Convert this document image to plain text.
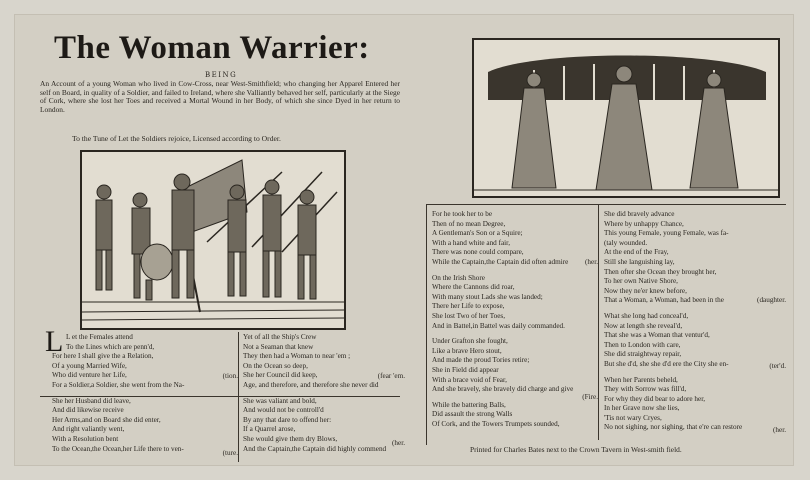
The Woman Warrier:

BEING

An Account of a young Woman who lived in Cow-Cross, near West-Smithfield; who changing her Apparel Entered her self on Board, in quality of a Soldier, and failed to Ireland, where she Valliantly behaved her self, particularly at the Siege of Cork, where she lost her Toes and received a Mortal Wound in her Body, of which she since Dyed in her return to London.

To the Tune of Let the Soldiers rejoice, Licensed according to Order.

L L et the Females attend
To the Lines which are penn'd,
For here I shall give the a Relation,
Of a young Married Wife,
Who did venture her Life,
For a Soldier,a Soldier, she went from the Na-
She her Husband did leave,
And did likewise receive
Her Arms,and on Board she did enter,
And right valiantly went,
With a Resolution bent
To the Ocean,the Ocean,her Life there to ven-
(tion.
(ture.
Yet of all the Ship's Crew
Not a Seaman that knew
They then had a Woman to near 'em ;
On the Ocean so deep,
She her Council did keep,
Age, and therefore, and therefore she never did
She was valiant and bold,
And would not be controll'd
By any that dare to offend her:
If a Quarrel arose,
She would give them dry Blows,
And the Captain,the Captain did highly commend
(fear 'em.
(her.
For he took her to be
Then of no mean Degree,
A Gentleman's Son or a Squire;
With a hand white and fair,
There was none could compare,
While the Captain,the Captain did often admire
On the Irish Shore
Where the Cannons did roar,
With many stout Lads she was landed;
There her Life to expose,
She lost Two of her Toes,
And in Battel,in Battel was daily commanded.
Under Grafton she fought,
Like a brave Hero stout,
And made the proud Tories retire;
She in Field did appear
With a brace void of Fear,
And she bravely, she bravely did charge and give
While the battering Balls,
Did assault the strong Walls
Of Cork, and the Towers Trumpets sounded,
(her.
(Fire.
She did bravely advance
Where by unhappy Chance,
This young Female, young Female, was fa-
(taly wounded.
At the end of the Fray,
Still she languishing lay,
Then ofter she Ocean they brought her,
To her own Native Shore,
Now they ne'er knew before,
That a Woman, a Woman, had been in the
What she long had conceal'd,
Now at length she reveal'd,
That she was a Woman that ventur'd,
Then to London with care,
She did straightway repair,
But she d'd, she she d'd ere the City she en-
When her Parents beheld,
They with Sorrow was fill'd,
For why they did bear to adore her,
In her Grave now she lies,
'Tis not wary Cryes,
No not sighing, nor sighing, that e're can restore
(daughter.
(ter'd.
(her.

Printed for Charles Bates next to the Crown Tavern in West-smith field.
